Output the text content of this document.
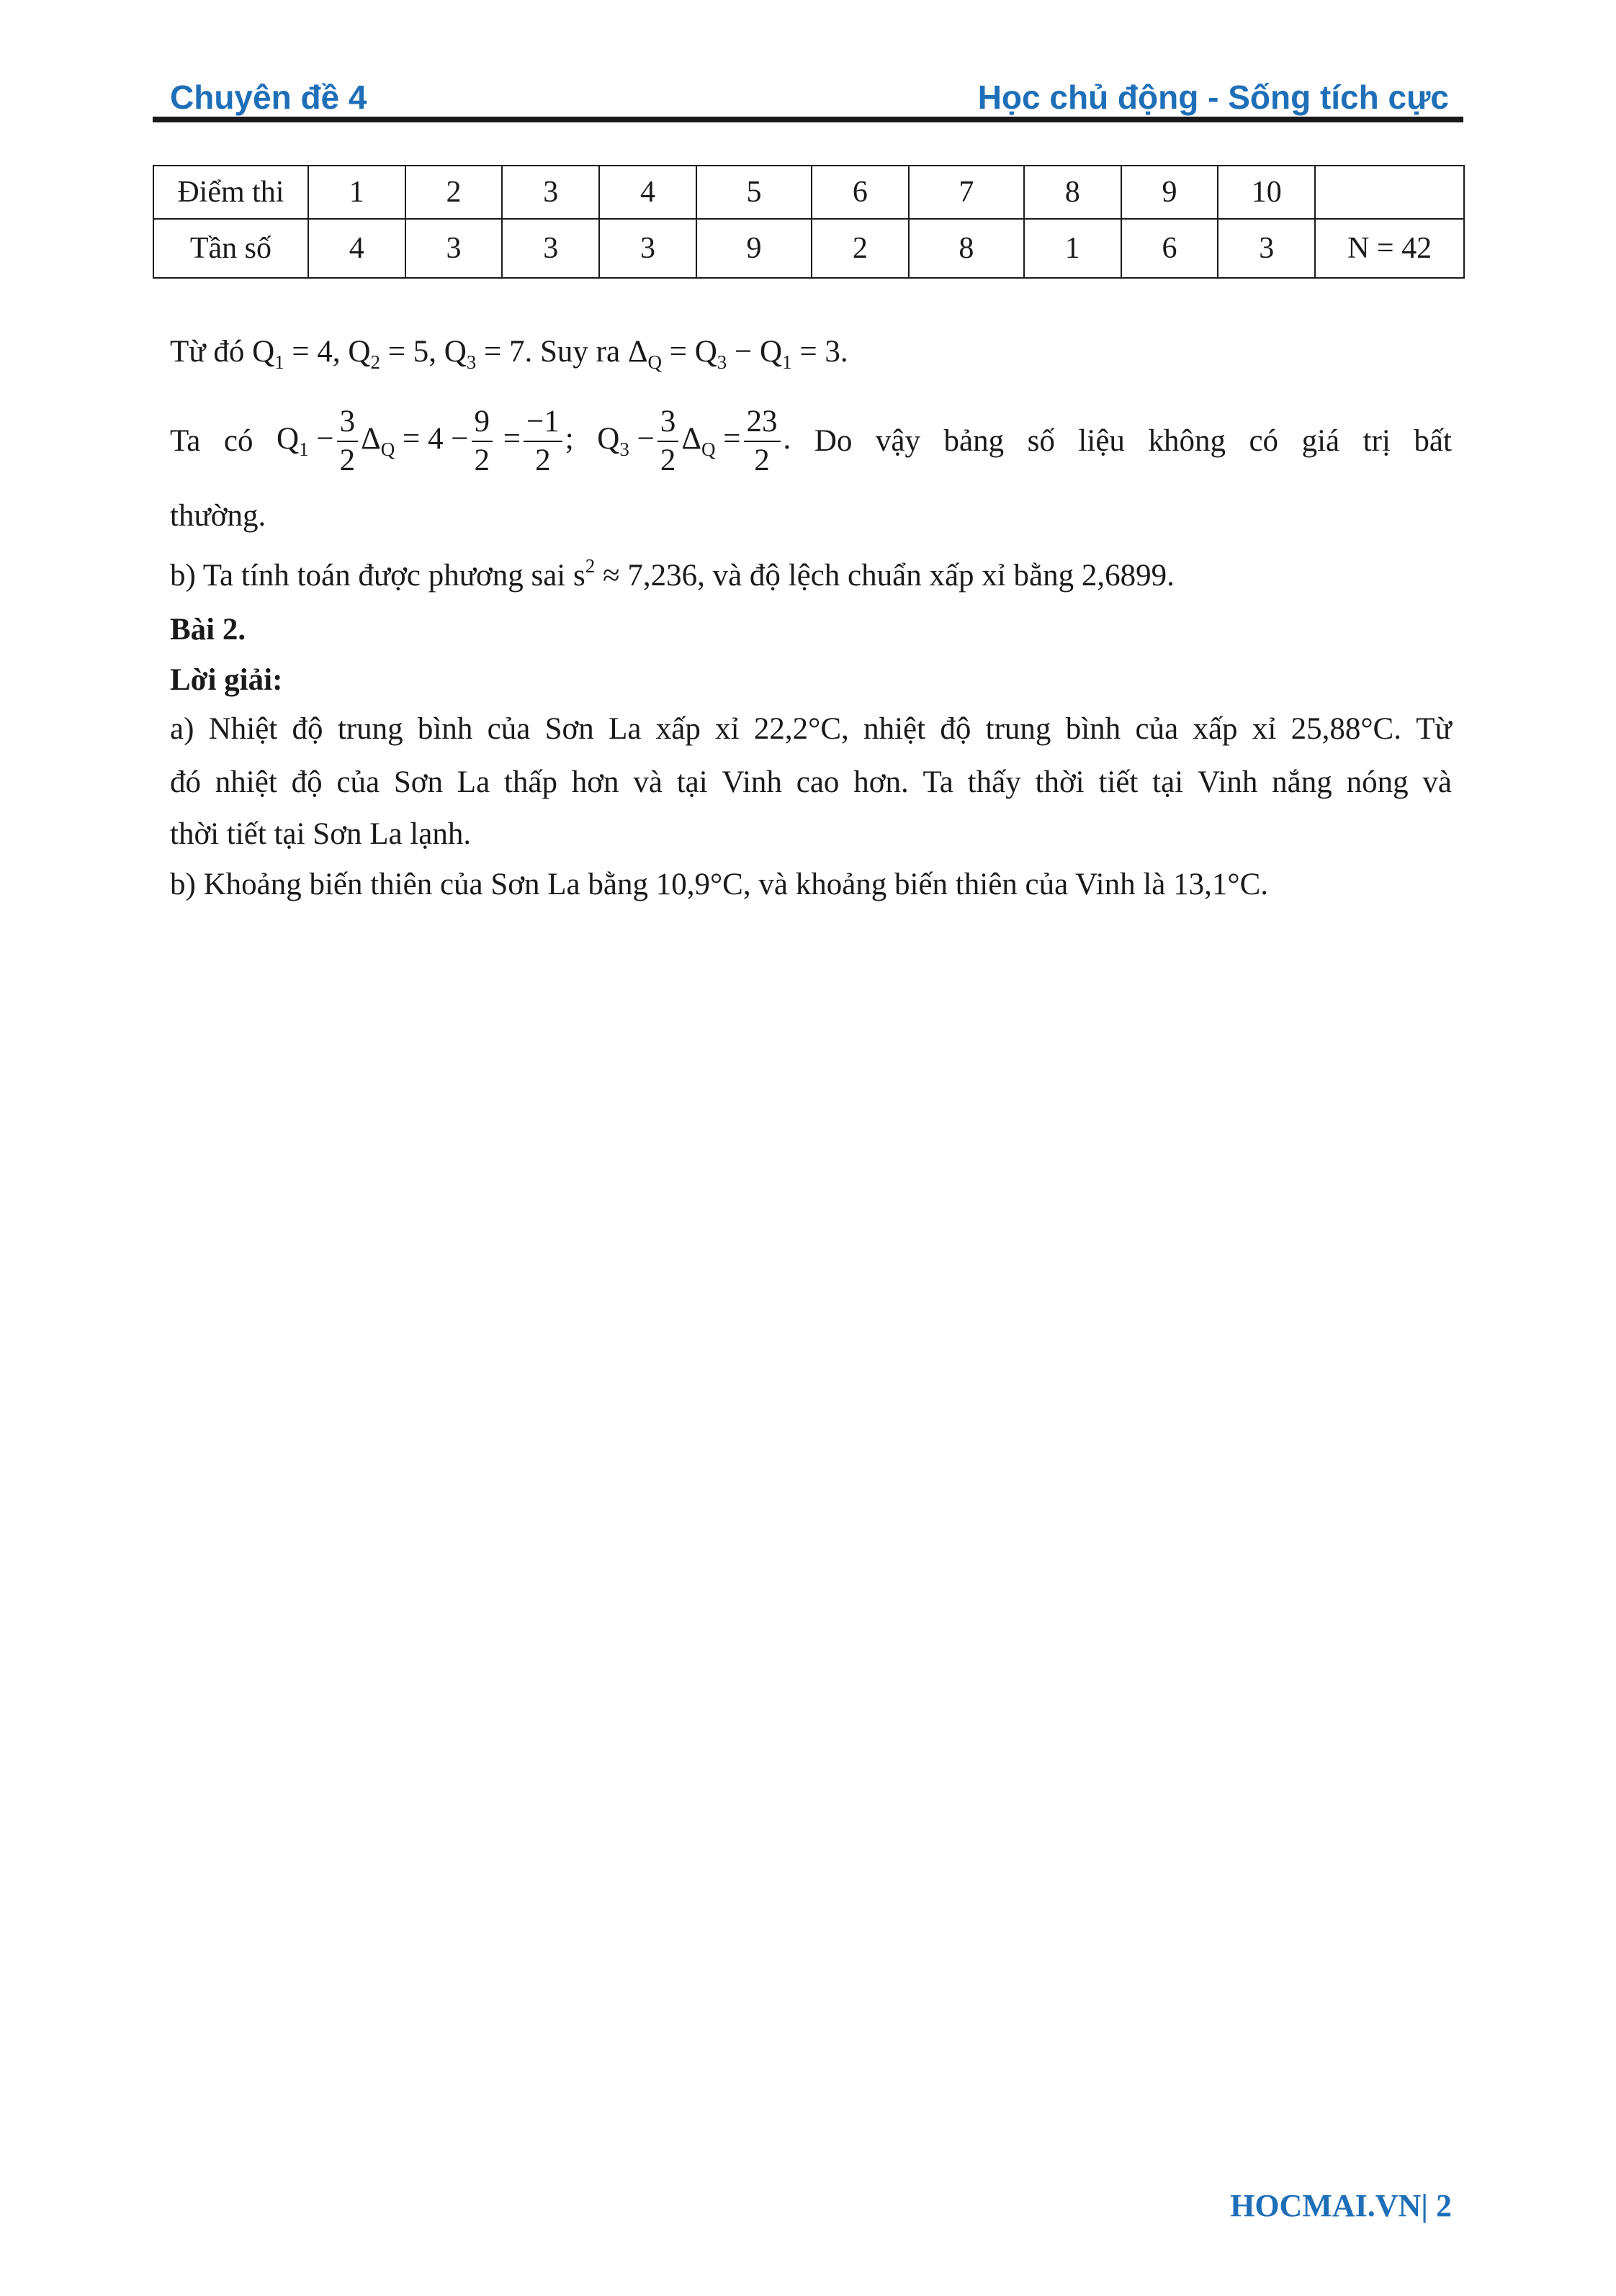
Chuyên đề 4	Học chủ động - Sống tích cực
Điểm thi	1	2	3	4	5	6	7	8	9	10	
Tần số	4	3	3	3	9	2	8	1	6	3	N = 42
Từ đó $Q_1 = 4$, $Q_2 = 5$, $Q_3 = 7$. Suy ra $\Delta_Q = Q_3 - Q_1 = 3$.
Ta có $Q_1 - \frac{3}{2} \Delta_Q = 4 - \frac{9}{2} = \frac{-1}{2}$ ; $Q_3 - \frac{3}{2} \Delta_Q = \frac{23}{2}$ . Do vậy bảng số liệu không có giá trị bất
thường.
b) Ta tính toán được phương sai $s^2 \approx 7,236$, và độ lệch chuẩn xấp xỉ bằng 2,6899.
Bài 2.
Lời giải:
a) Nhiệt độ trung bình của Sơn La xấp xỉ 22,2°C, nhiệt độ trung bình của xấp xỉ 25,88°C. Từ
đó nhiệt độ của Sơn La thấp hơn và tại Vinh cao hơn. Ta thấy thời tiết tại Vinh nắng nóng và
thời tiết tại Sơn La lạnh.
b) Khoảng biến thiên của Sơn La bằng 10,9°C, và khoảng biến thiên của Vinh là 13,1°C.
HOCMAI.VN| 2
